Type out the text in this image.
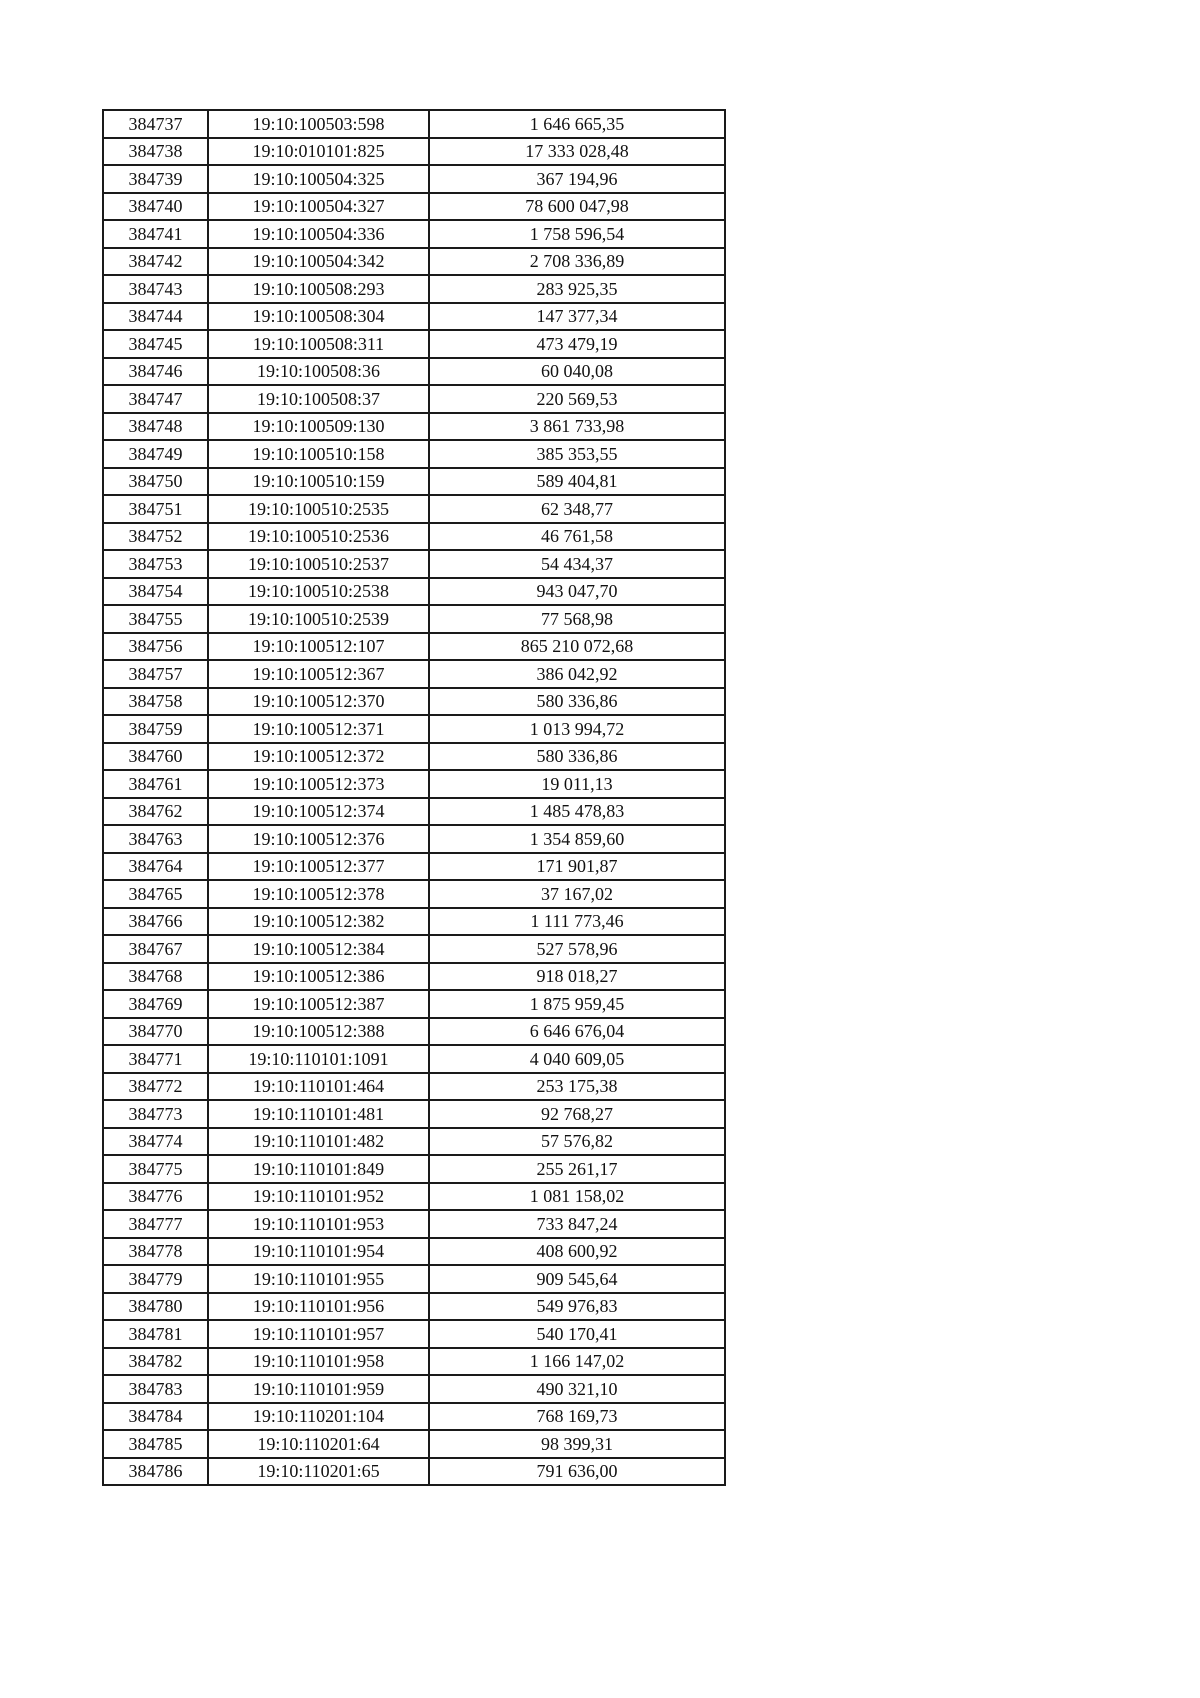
384737	19:10:100503:598	1 646 665,35
384738	19:10:010101:825	17 333 028,48
384739	19:10:100504:325	367 194,96
384740	19:10:100504:327	78 600 047,98
384741	19:10:100504:336	1 758 596,54
384742	19:10:100504:342	2 708 336,89
384743	19:10:100508:293	283 925,35
384744	19:10:100508:304	147 377,34
384745	19:10:100508:311	473 479,19
384746	19:10:100508:36	60 040,08
384747	19:10:100508:37	220 569,53
384748	19:10:100509:130	3 861 733,98
384749	19:10:100510:158	385 353,55
384750	19:10:100510:159	589 404,81
384751	19:10:100510:2535	62 348,77
384752	19:10:100510:2536	46 761,58
384753	19:10:100510:2537	54 434,37
384754	19:10:100510:2538	943 047,70
384755	19:10:100510:2539	77 568,98
384756	19:10:100512:107	865 210 072,68
384757	19:10:100512:367	386 042,92
384758	19:10:100512:370	580 336,86
384759	19:10:100512:371	1 013 994,72
384760	19:10:100512:372	580 336,86
384761	19:10:100512:373	19 011,13
384762	19:10:100512:374	1 485 478,83
384763	19:10:100512:376	1 354 859,60
384764	19:10:100512:377	171 901,87
384765	19:10:100512:378	37 167,02
384766	19:10:100512:382	1 111 773,46
384767	19:10:100512:384	527 578,96
384768	19:10:100512:386	918 018,27
384769	19:10:100512:387	1 875 959,45
384770	19:10:100512:388	6 646 676,04
384771	19:10:110101:1091	4 040 609,05
384772	19:10:110101:464	253 175,38
384773	19:10:110101:481	92 768,27
384774	19:10:110101:482	57 576,82
384775	19:10:110101:849	255 261,17
384776	19:10:110101:952	1 081 158,02
384777	19:10:110101:953	733 847,24
384778	19:10:110101:954	408 600,92
384779	19:10:110101:955	909 545,64
384780	19:10:110101:956	549 976,83
384781	19:10:110101:957	540 170,41
384782	19:10:110101:958	1 166 147,02
384783	19:10:110101:959	490 321,10
384784	19:10:110201:104	768 169,73
384785	19:10:110201:64	98 399,31
384786	19:10:110201:65	791 636,00
